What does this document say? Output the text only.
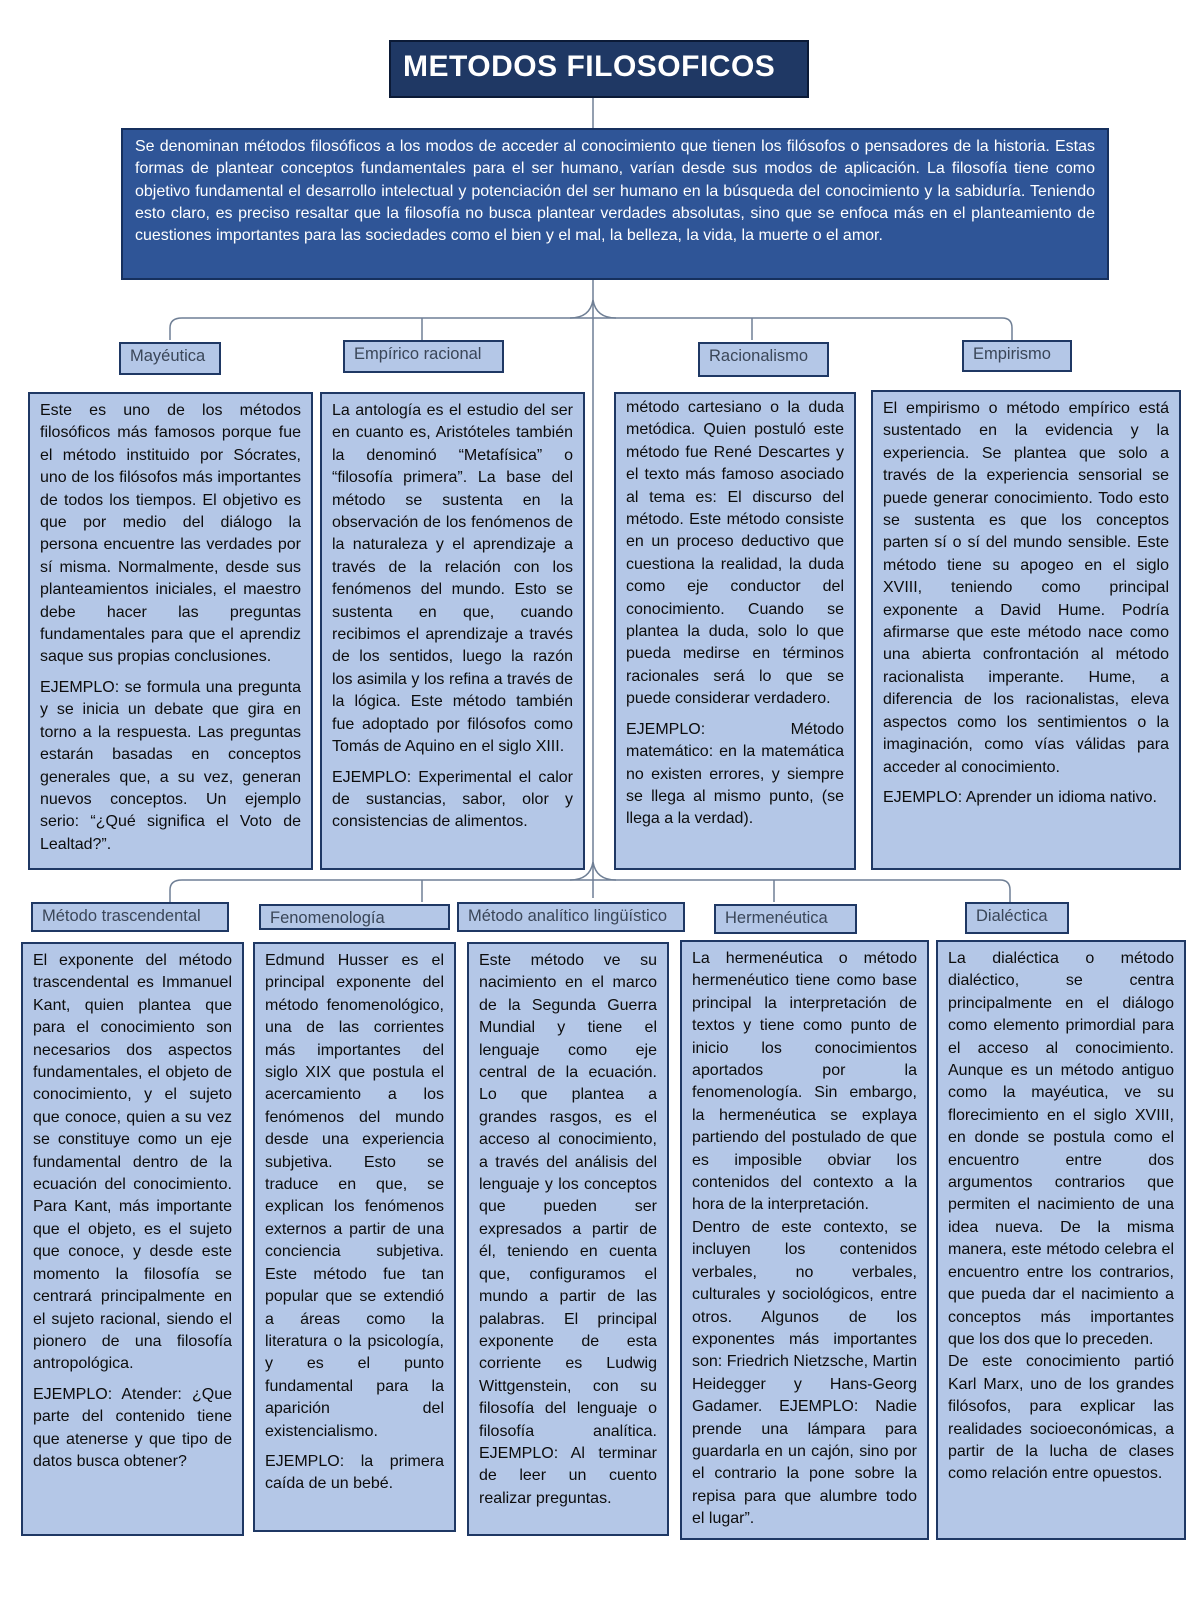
METODOS FILOSOFICOS
Se denominan métodos filosóficos a los modos de acceder al conocimiento que tienen los filósofos o pensadores de la historia. Estas formas de plantear conceptos fundamentales para el ser humano, varían desde sus modos de aplicación. La filosofía tiene como objetivo fundamental el desarrollo intelectual y potenciación del ser humano en la búsqueda del conocimiento y la sabiduría. Teniendo esto claro, es preciso resaltar que la filosofía no busca plantear verdades absolutas, sino que se enfoca más en el planteamiento de cuestiones importantes para las sociedades como el bien y el mal, la belleza, la vida, la muerte o el amor.
Mayéutica	Empírico racional	Racionalismo	Empirismo

Este es uno de los métodos filosóficos más famosos porque fue el método instituido por Sócrates, uno de los filósofos más importantes de todos los tiempos. El objetivo es que por medio del diálogo la persona encuentre las verdades por sí misma. Normalmente, desde sus planteamientos iniciales, el maestro debe hacer las preguntas fundamentales para que el aprendiz saque sus propias conclusiones.

EJEMPLO: se formula una pregunta y se inicia un debate que gira en torno a la respuesta. Las preguntas estarán basadas en conceptos generales que, a su vez, generan nuevos conceptos. Un ejemplo serio: “¿Qué significa el Voto de Lealtad?”.

La antología es el estudio del ser en cuanto es, Aristóteles también la denominó “Metafísica” o “filosofía primera”. La base del método se sustenta en la observación de los fenómenos de la naturaleza y el aprendizaje a través de la relación con los fenómenos del mundo. Esto se sustenta en que, cuando recibimos el aprendizaje a través de los sentidos, luego la razón los asimila y los refina a través de la lógica. Este método también fue adoptado por filósofos como Tomás de Aquino en el siglo XIII.

EJEMPLO: Experimental el calor de sustancias, sabor, olor y consistencias de alimentos.

método cartesiano o la duda metódica. Quien postuló este método fue René Descartes y el texto más famoso asociado al tema es: El discurso del método. Este método consiste en un proceso deductivo que cuestiona la realidad, la duda como eje conductor del conocimiento. Cuando se plantea la duda, solo lo que pueda medirse en términos racionales será lo que se puede considerar verdadero.

EJEMPLO: Método matemático: en la matemática no existen errores, y siempre se llega al mismo punto, (se llega a la verdad).

El empirismo o método empírico está sustentado en la evidencia y la experiencia. Se plantea que solo a través de la experiencia sensorial se puede generar conocimiento. Todo esto se sustenta es que los conceptos parten sí o sí del mundo sensible. Este método tiene su apogeo en el siglo XVIII, teniendo como principal exponente a David Hume. Podría afirmarse que este método nace como una abierta confrontación al método racionalista imperante. Hume, a diferencia de los racionalistas, eleva aspectos como los sentimientos o la imaginación, como vías válidas para acceder al conocimiento.

EJEMPLO: Aprender un idioma nativo.

Método trascendental	Fenomenología	Método analítico lingüístico	Hermenéutica	Dialéctica

El exponente del método trascendental es Immanuel Kant, quien plantea que para el conocimiento son necesarios dos aspectos fundamentales, el objeto de conocimiento, y el sujeto que conoce, quien a su vez se constituye como un eje fundamental dentro de la ecuación del conocimiento. Para Kant, más importante que el objeto, es el sujeto que conoce, y desde este momento la filosofía se centrará principalmente en el sujeto racional, siendo el pionero de una filosofía antropológica.

EJEMPLO: Atender: ¿Que parte del contenido tiene que atenerse y que tipo de datos busca obtener?

Edmund Husser es el principal exponente del método fenomenológico, una de las corrientes más importantes del siglo XIX que postula el acercamiento a los fenómenos del mundo desde una experiencia subjetiva. Esto se traduce en que, se explican los fenómenos externos a partir de una conciencia subjetiva. Este método fue tan popular que se extendió a áreas como la literatura o la psicología, y es el punto fundamental para la aparición del existencialismo.

EJEMPLO: la primera caída de un bebé.

Este método ve su nacimiento en el marco de la Segunda Guerra Mundial y tiene el lenguaje como eje central de la ecuación. Lo que plantea a grandes rasgos, es el acceso al conocimiento, a través del análisis del lenguaje y los conceptos que pueden ser expresados a partir de él, teniendo en cuenta que, configuramos el mundo a partir de las palabras. El principal exponente de esta corriente es Ludwig Wittgenstein, con su filosofía del lenguaje o filosofía analítica. EJEMPLO: Al terminar de leer un cuento realizar preguntas.

La hermenéutica o método hermenéutico tiene como base principal la interpretación de textos y tiene como punto de inicio los conocimientos aportados por la fenomenología. Sin embargo, la hermenéutica se explaya partiendo del postulado de que es imposible obviar los contenidos del contexto a la hora de la interpretación.

Dentro de este contexto, se incluyen los contenidos verbales, no verbales, culturales y sociológicos, entre otros. Algunos de los exponentes más importantes son: Friedrich Nietzsche, Martin Heidegger y Hans-Georg Gadamer. EJEMPLO: Nadie prende una lámpara para guardarla en un cajón, sino por el contrario la pone sobre la repisa para que alumbre todo el lugar”.

La dialéctica o método dialéctico, se centra principalmente en el diálogo como elemento primordial para el acceso al conocimiento. Aunque es un método antiguo como la mayéutica, ve su florecimiento en el siglo XVIII, en donde se postula como el encuentro entre dos argumentos contrarios que permiten el nacimiento de una idea nueva. De la misma manera, este método celebra el encuentro entre los contrarios, que pueda dar el nacimiento a conceptos más importantes que los dos que lo preceden.

De este conocimiento partió Karl Marx, uno de los grandes filósofos, para explicar las realidades socioeconómicas, a partir de la lucha de clases como relación entre opuestos.
